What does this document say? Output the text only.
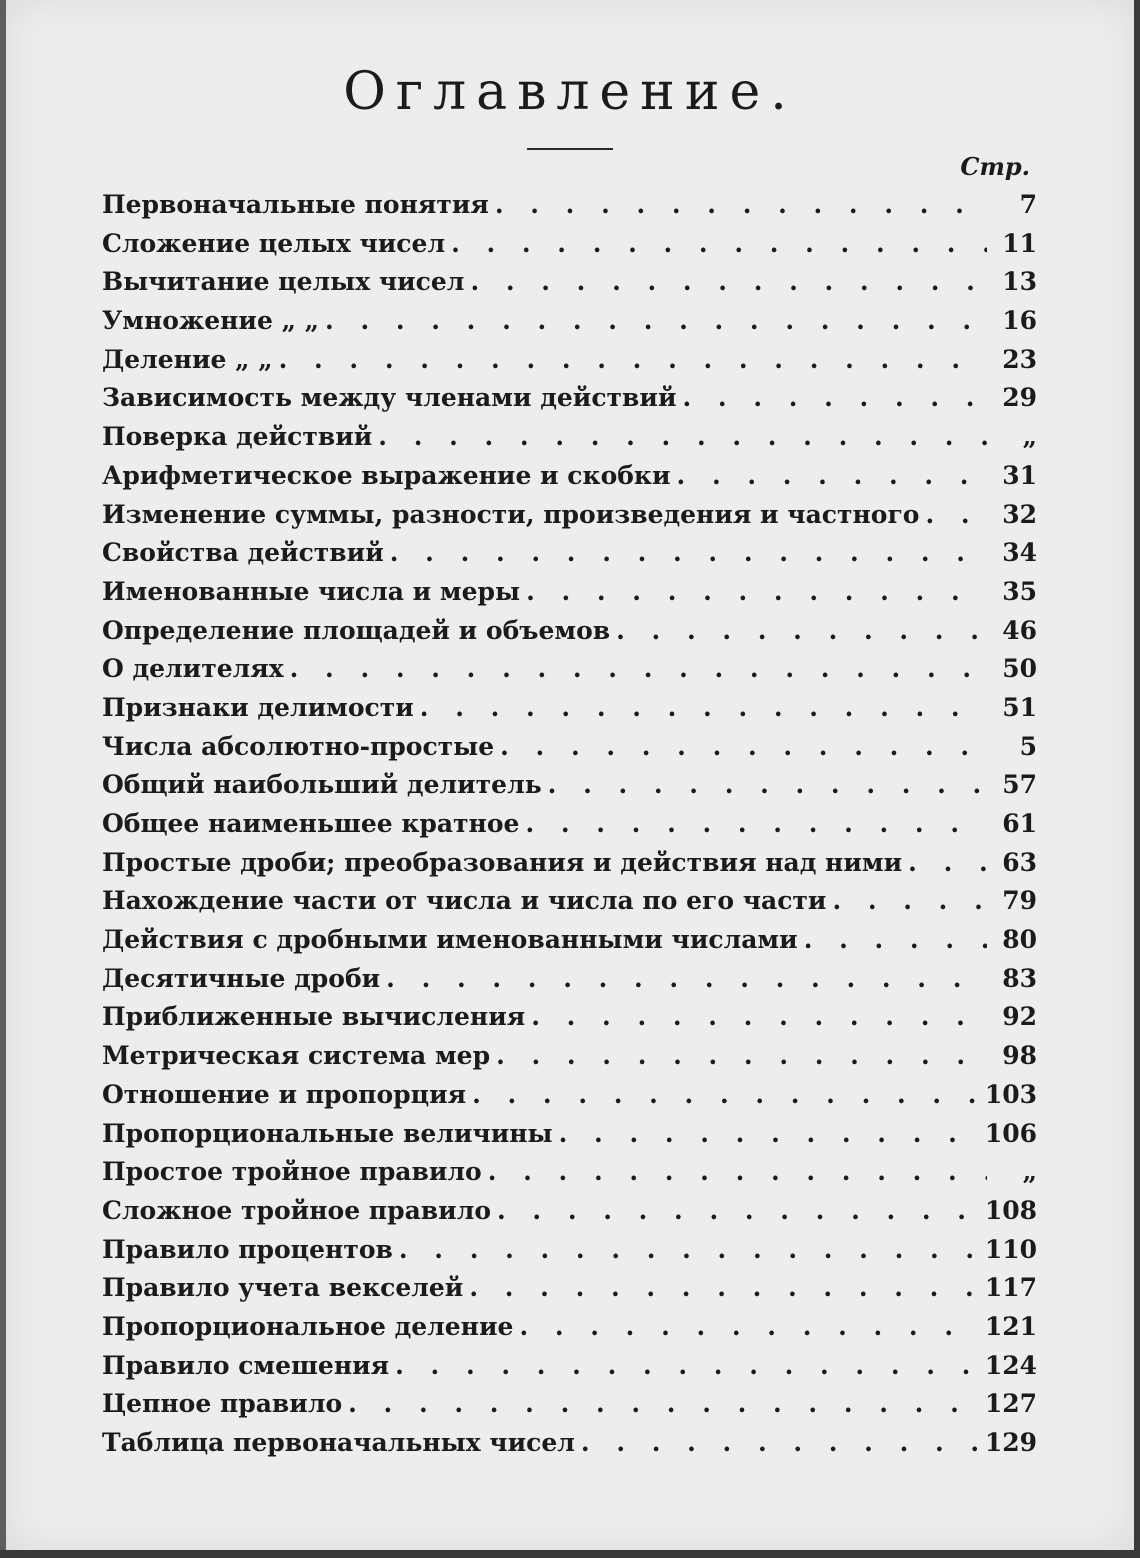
Оглавление.
Стр.
Первоначальные понятия . . .	7
Сложение целых чисел . . .	11
Вычитание целых чисел . . .	13
Умножение „ „ . . .	16
Деление „ „ . . .	23
Зависимость между членами действий . . .	29
Поверка действий . . .	„
Арифметическое выражение и скобки . . .	31
Изменение суммы, разности, произведения и частного . . .	32
Свойства действий . . .	34
Именованные числа и меры . . .	35
Определение площадей и объемов . . .	46
О делителях . . .	50
Признаки делимости . . .	51
Числа абсолютно-простые . . .	5
Общий наибольший делитель . . .	57
Общее наименьшее кратное . . .	61
Простые дроби; преобразования и действия над ними . . .	63
Нахождение части от числа и числа по его части . . .	79
Действия с дробными именованными числами . . .	80
Десятичные дроби . . .	83
Приближенные вычисления . . .	92
Метрическая система мер . . .	98
Отношение и пропорция . . .	103
Пропорциональные величины . . .	106
Простое тройное правило . . .	„
Сложное тройное правило . . .	108
Правило процентов . . .	110
Правило учета векселей . . .	117
Пропорциональное деление . . .	121
Правило смешения . . .	124
Цепное правило . . .	127
Таблица первоначальных чисел . . .	129
